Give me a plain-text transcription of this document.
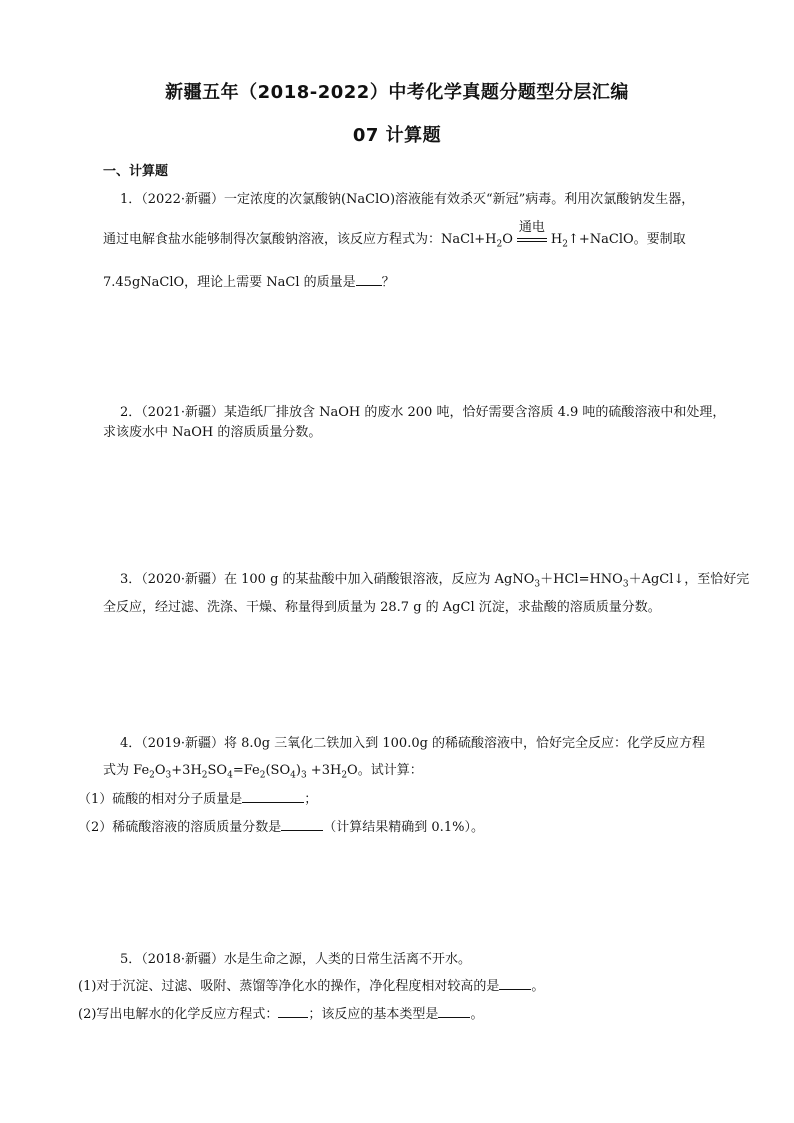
新疆五年（2018-2022）中考化学真题分题型分层汇编
07 计算题
一、计算题
1．（2022·新疆）一定浓度的次氯酸钠(NaClO)溶液能有效杀灭“新冠”病毒。利用次氯酸钠发生器，
通过电解食盐水能够制得次氯酸钠溶液，该反应方程式为：$NaCl+H_2O$
通电
$H_2↑+NaClO$。要制取
7.45gNaClO，理论上需要 NaCl 的质量是 ？
2．（2021·新疆）某造纸厂排放含 NaOH 的废水 200 吨，恰好需要含溶质 4.9 吨的硫酸溶液中和处理，求该废水中 NaOH 的溶质质量分数。
3．（2020·新疆）在 100 g 的某盐酸中加入硝酸银溶液，反应为 $AgNO_3+HCl=HNO_3+AgCl↓$，至恰好完
全反应，经过滤、洗涤、干燥、称量得到质量为 28.7 g 的 AgCl 沉淀，求盐酸的溶质质量分数。
4．（2019·新疆）将 8.0g 三氧化二铁加入到 100.0g 的稀硫酸溶液中，恰好完全反应：化学反应方程
式为 $Fe_2O_3+3H_2SO_4=Fe_2(SO_4)_3 +3H_2O$。试计算：
（1）硫酸的相对分子质量是	；
（2）稀硫酸溶液的溶质质量分数是	（计算结果精确到 0.1%）。
5．（2018·新疆）水是生命之源，人类的日常生活离不开水。
(1)对于沉淀、过滤、吸附、蒸馏等净化水的操作，净化程度相对较高的是 。
(2)写出电解水的化学反应方程式： ；该反应的基本类型是 。
